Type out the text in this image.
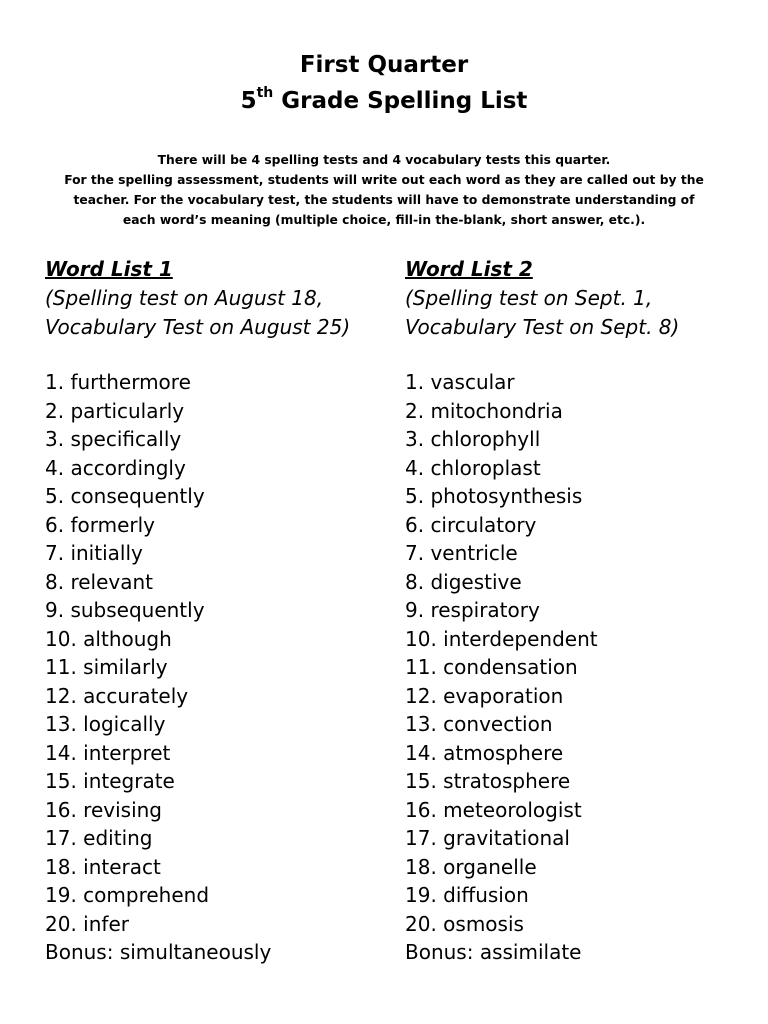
First Quarter
5th Grade Spelling List
There will be 4 spelling tests and 4 vocabulary tests this quarter.
For the spelling assessment, students will write out each word as they are called out by the
teacher. For the vocabulary test, the students will have to demonstrate understanding of
each word’s meaning (multiple choice, fill-in the-blank, short answer, etc.).
Word List 1
(Spelling test on August 18,
Vocabulary Test on August 25)
1. furthermore
2. particularly
3. specifically
4. accordingly
5. consequently
6. formerly
7. initially
8. relevant
9. subsequently
10. although
11. similarly
12. accurately
13. logically
14. interpret
15. integrate
16. revising
17. editing
18. interact
19. comprehend
20. infer
Bonus: simultaneously
Word List 2
(Spelling test on Sept. 1,
Vocabulary Test on Sept. 8)
1. vascular
2. mitochondria
3. chlorophyll
4. chloroplast
5. photosynthesis
6. circulatory
7. ventricle
8. digestive
9. respiratory
10. interdependent
11. condensation
12. evaporation
13. convection
14. atmosphere
15. stratosphere
16. meteorologist
17. gravitational
18. organelle
19. diffusion
20. osmosis
Bonus: assimilate
